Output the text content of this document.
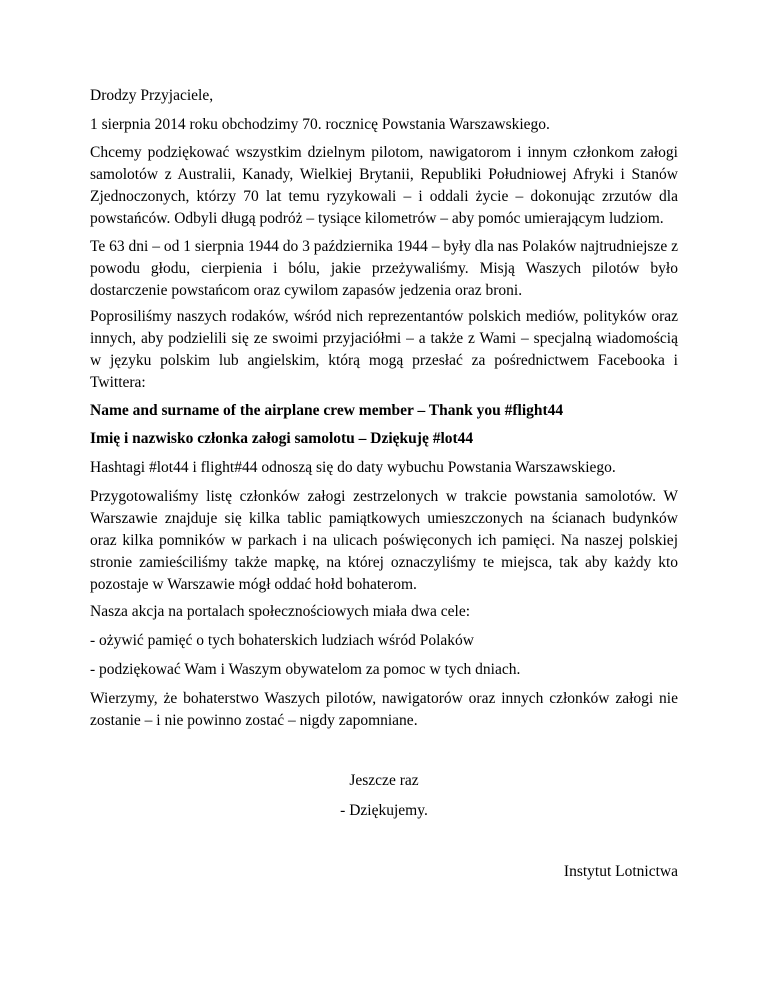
Drodzy Przyjaciele,

1 sierpnia 2014 roku obchodzimy 70. rocznicę Powstania Warszawskiego.

Chcemy podziękować wszystkim dzielnym pilotom, nawigatorom i innym członkom załogi samolotów z Australii, Kanady, Wielkiej Brytanii, Republiki Południowej Afryki i Stanów Zjednoczonych, którzy 70 lat temu ryzykowali – i oddali życie – dokonując zrzutów dla powstańców. Odbyli długą podróż – tysiące kilometrów – aby pomóc umierającym ludziom.

Te 63 dni – od 1 sierpnia 1944 do 3 października 1944 – były dla nas Polaków najtrudniejsze z powodu głodu, cierpienia i bólu, jakie przeżywaliśmy. Misją Waszych pilotów było dostarczenie powstańcom oraz cywilom zapasów jedzenia oraz broni.

Poprosiliśmy naszych rodaków, wśród nich reprezentantów polskich mediów, polityków oraz innych, aby podzielili się ze swoimi przyjaciółmi – a także z Wami – specjalną wiadomością w języku polskim lub angielskim, którą mogą przesłać za pośrednictwem Facebooka i Twittera:

Name and surname of the airplane crew member – Thank you #flight44

Imię i nazwisko członka załogi samolotu – Dziękuję #lot44

Hashtagi #lot44 i flight#44 odnoszą się do daty wybuchu Powstania Warszawskiego.

Przygotowaliśmy listę członków załogi zestrzelonych w trakcie powstania samolotów. W Warszawie znajduje się kilka tablic pamiątkowych umieszczonych na ścianach budynków oraz kilka pomników w parkach i na ulicach poświęconych ich pamięci. Na naszej polskiej stronie zamieściliśmy także mapkę, na której oznaczyliśmy te miejsca, tak aby każdy kto pozostaje w Warszawie mógł oddać hołd bohaterom.

Nasza akcja na portalach społecznościowych miała dwa cele:

- ożywić pamięć o tych bohaterskich ludziach wśród Polaków

- podziękować Wam i Waszym obywatelom za pomoc w tych dniach.

Wierzymy, że bohaterstwo Waszych pilotów, nawigatorów oraz innych członków załogi nie zostanie – i nie powinno zostać – nigdy zapomniane.

Jeszcze raz

- Dziękujemy.

Instytut Lotnictwa
